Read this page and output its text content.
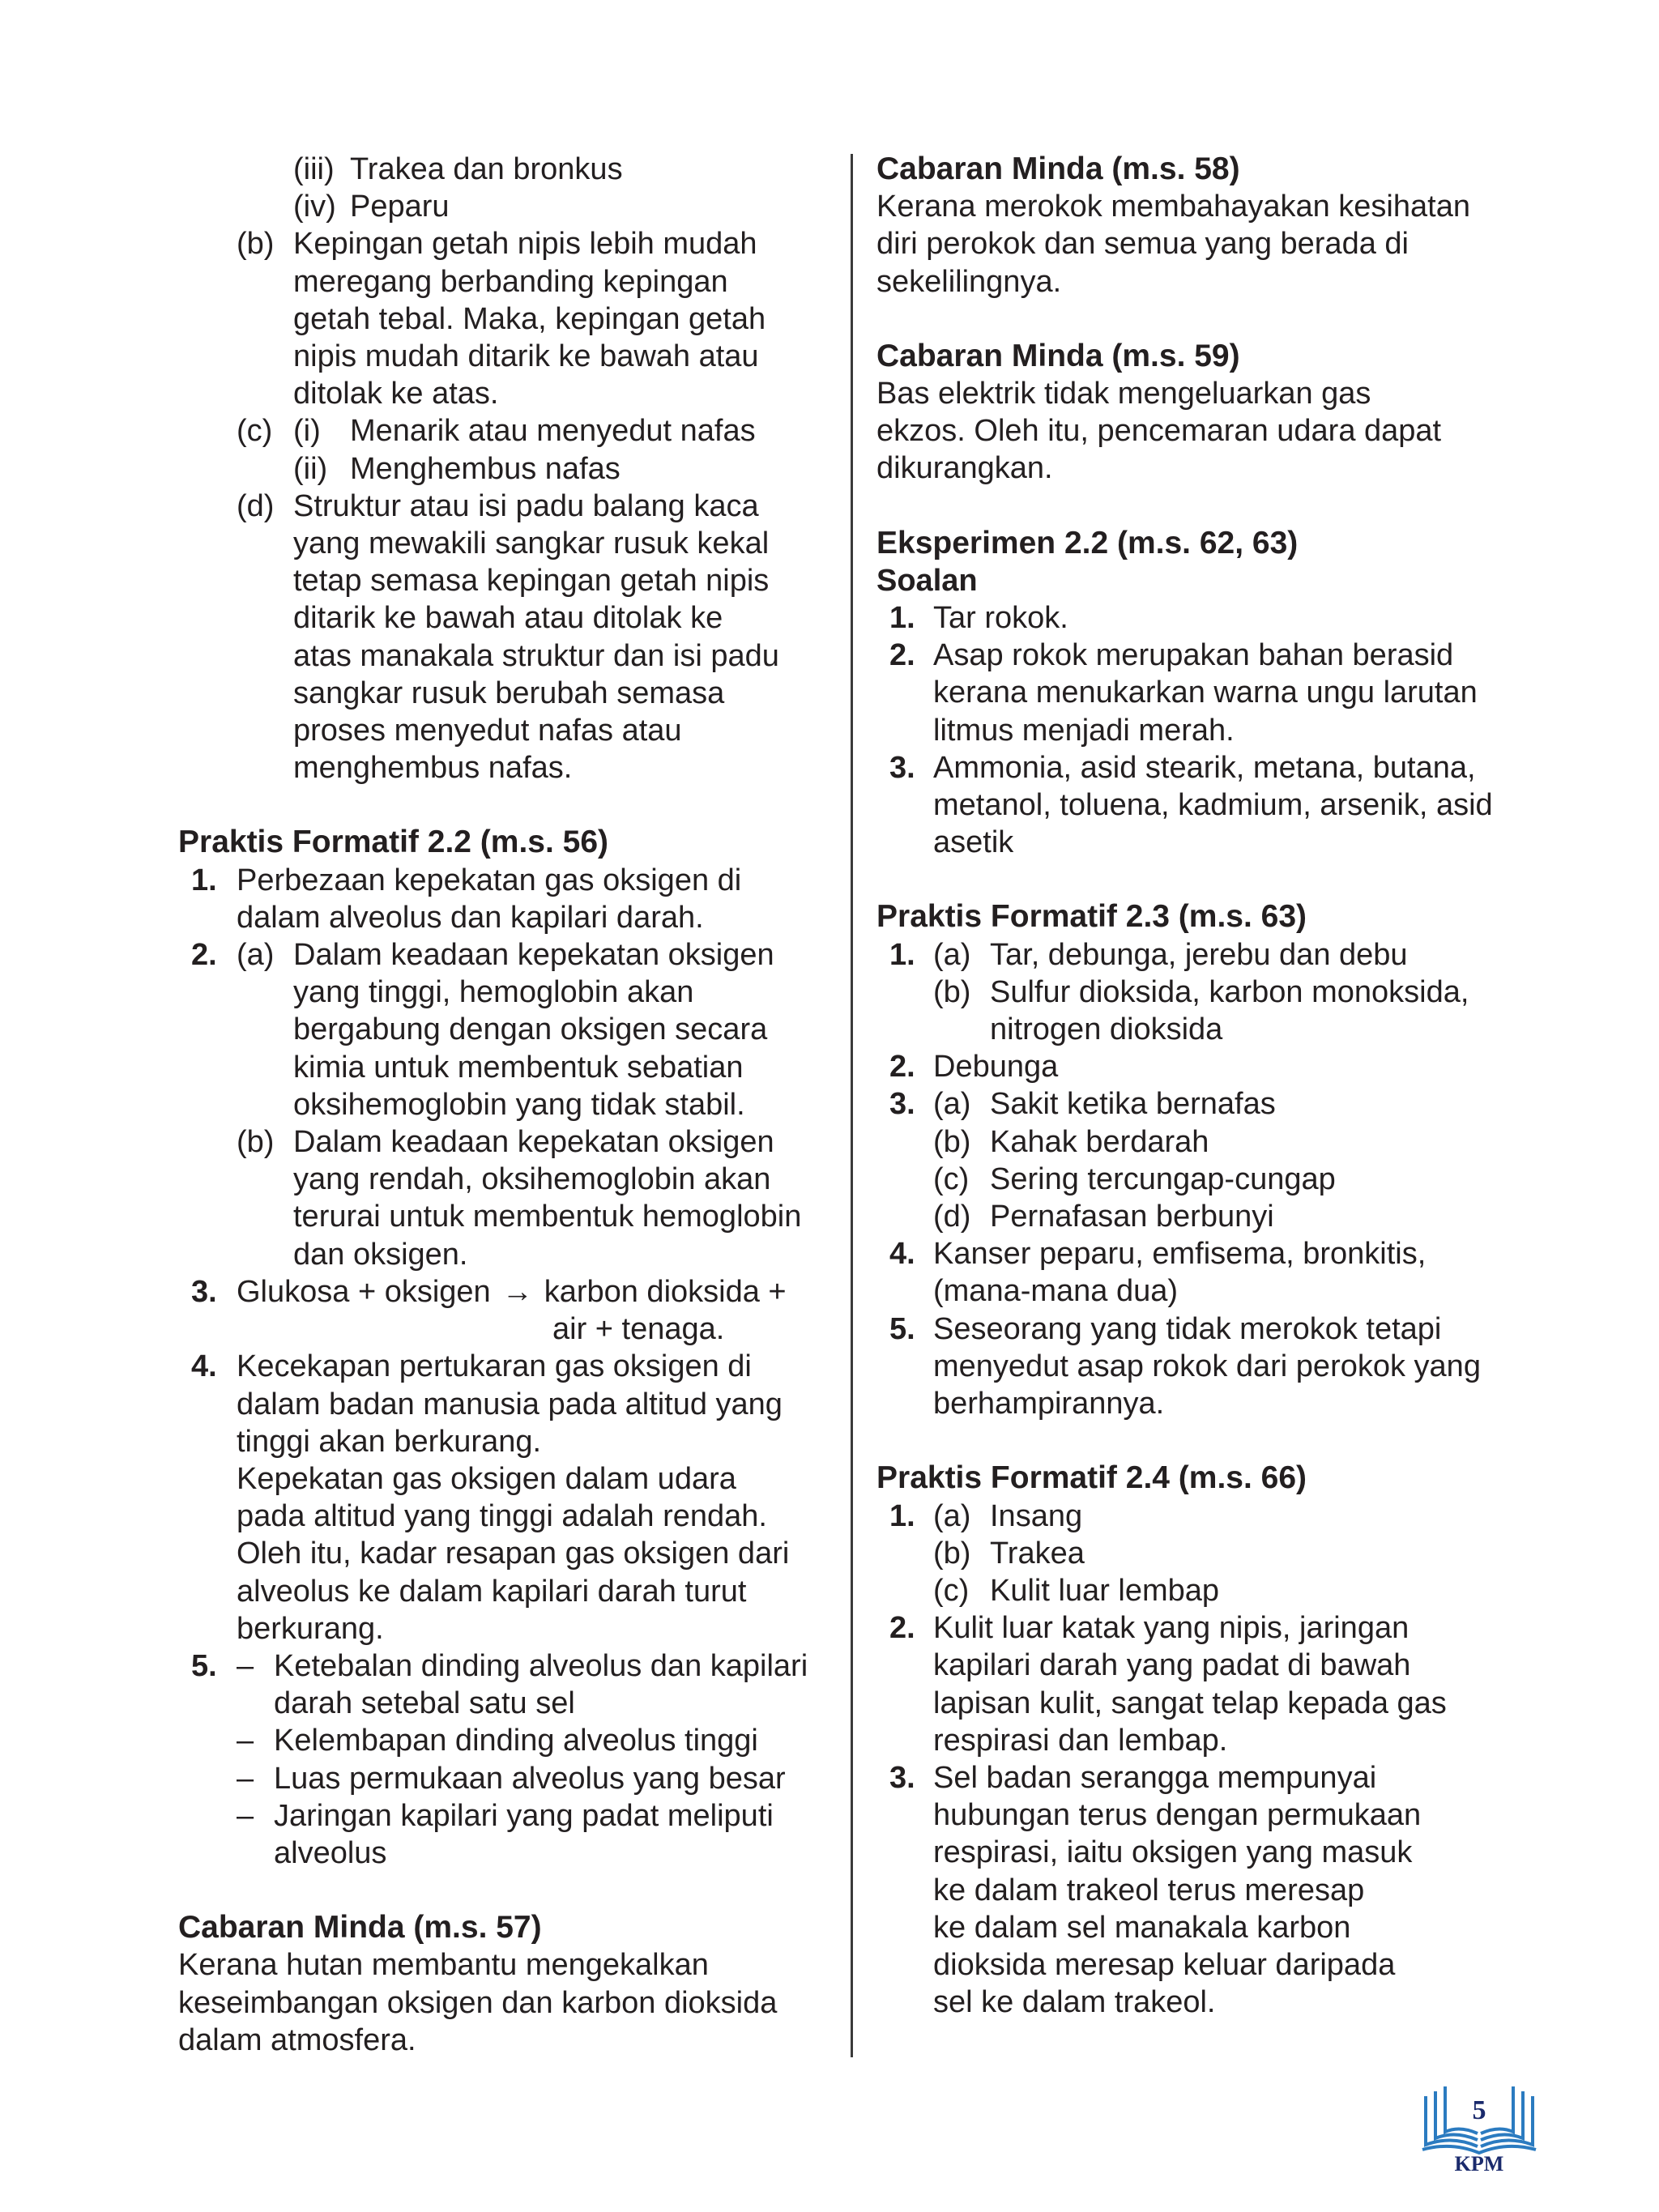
(iii) Trakea dan bronkus
(iv) Peparu
(b) Kepingan getah nipis lebih mudah
meregang berbanding kepingan
getah tebal. Maka, kepingan getah
nipis mudah ditarik ke bawah atau
ditolak ke atas.
(c) (i) Menarik atau menyedut nafas
(ii) Menghembus nafas
(d) Struktur atau isi padu balang kaca
yang mewakili sangkar rusuk kekal
tetap semasa kepingan getah nipis
ditarik ke bawah atau ditolak ke
atas manakala struktur dan isi padu
sangkar rusuk berubah semasa
proses menyedut nafas atau
menghembus nafas.
Praktis Formatif 2.2 (m.s. 56)
1. Perbezaan kepekatan gas oksigen di
dalam alveolus dan kapilari darah.
2. (a) Dalam keadaan kepekatan oksigen
yang tinggi, hemoglobin akan
bergabung dengan oksigen secara
kimia untuk membentuk sebatian
oksihemoglobin yang tidak stabil.
(b) Dalam keadaan kepekatan oksigen
yang rendah, oksihemoglobin akan
terurai untuk membentuk hemoglobin
dan oksigen.
3. Glukosa + oksigen → karbon dioksida +
air + tenaga.
4. Kecekapan pertukaran gas oksigen di
dalam badan manusia pada altitud yang
tinggi akan berkurang.
Kepekatan gas oksigen dalam udara
pada altitud yang tinggi adalah rendah.
Oleh itu, kadar resapan gas oksigen dari
alveolus ke dalam kapilari darah turut
berkurang.
5. – Ketebalan dinding alveolus dan kapilari
darah setebal satu sel
– Kelembapan dinding alveolus tinggi
– Luas permukaan alveolus yang besar
– Jaringan kapilari yang padat meliputi
alveolus
Cabaran Minda (m.s. 57)
Kerana hutan membantu mengekalkan
keseimbangan oksigen dan karbon dioksida
dalam atmosfera.
Cabaran Minda (m.s. 58)
Kerana merokok membahayakan kesihatan
diri perokok dan semua yang berada di
sekelilingnya.
Cabaran Minda (m.s. 59)
Bas elektrik tidak mengeluarkan gas
ekzos. Oleh itu, pencemaran udara dapat
dikurangkan.
Eksperimen 2.2 (m.s. 62, 63)
Soalan
1. Tar rokok.
2. Asap rokok merupakan bahan berasid
kerana menukarkan warna ungu larutan
litmus menjadi merah.
3. Ammonia, asid stearik, metana, butana,
metanol, toluena, kadmium, arsenik, asid
asetik
Praktis Formatif 2.3 (m.s. 63)
1. (a) Tar, debunga, jerebu dan debu
(b) Sulfur dioksida, karbon monoksida,
nitrogen dioksida
2. Debunga
3. (a) Sakit ketika bernafas
(b) Kahak berdarah
(c) Sering tercungap-cungap
(d) Pernafasan berbunyi
4. Kanser peparu, emfisema, bronkitis,
(mana-mana dua)
5. Seseorang yang tidak merokok tetapi
menyedut asap rokok dari perokok yang
berhampirannya.
Praktis Formatif 2.4 (m.s. 66)
1. (a) Insang
(b) Trakea
(c) Kulit luar lembap
2. Kulit luar katak yang nipis, jaringan
kapilari darah yang padat di bawah
lapisan kulit, sangat telap kepada gas
respirasi dan lembap.
3. Sel badan serangga mempunyai
hubungan terus dengan permukaan
respirasi, iaitu oksigen yang masuk
ke dalam trakeol terus meresap
ke dalam sel manakala karbon
dioksida meresap keluar daripada
sel ke dalam trakeol.
5
KPM
